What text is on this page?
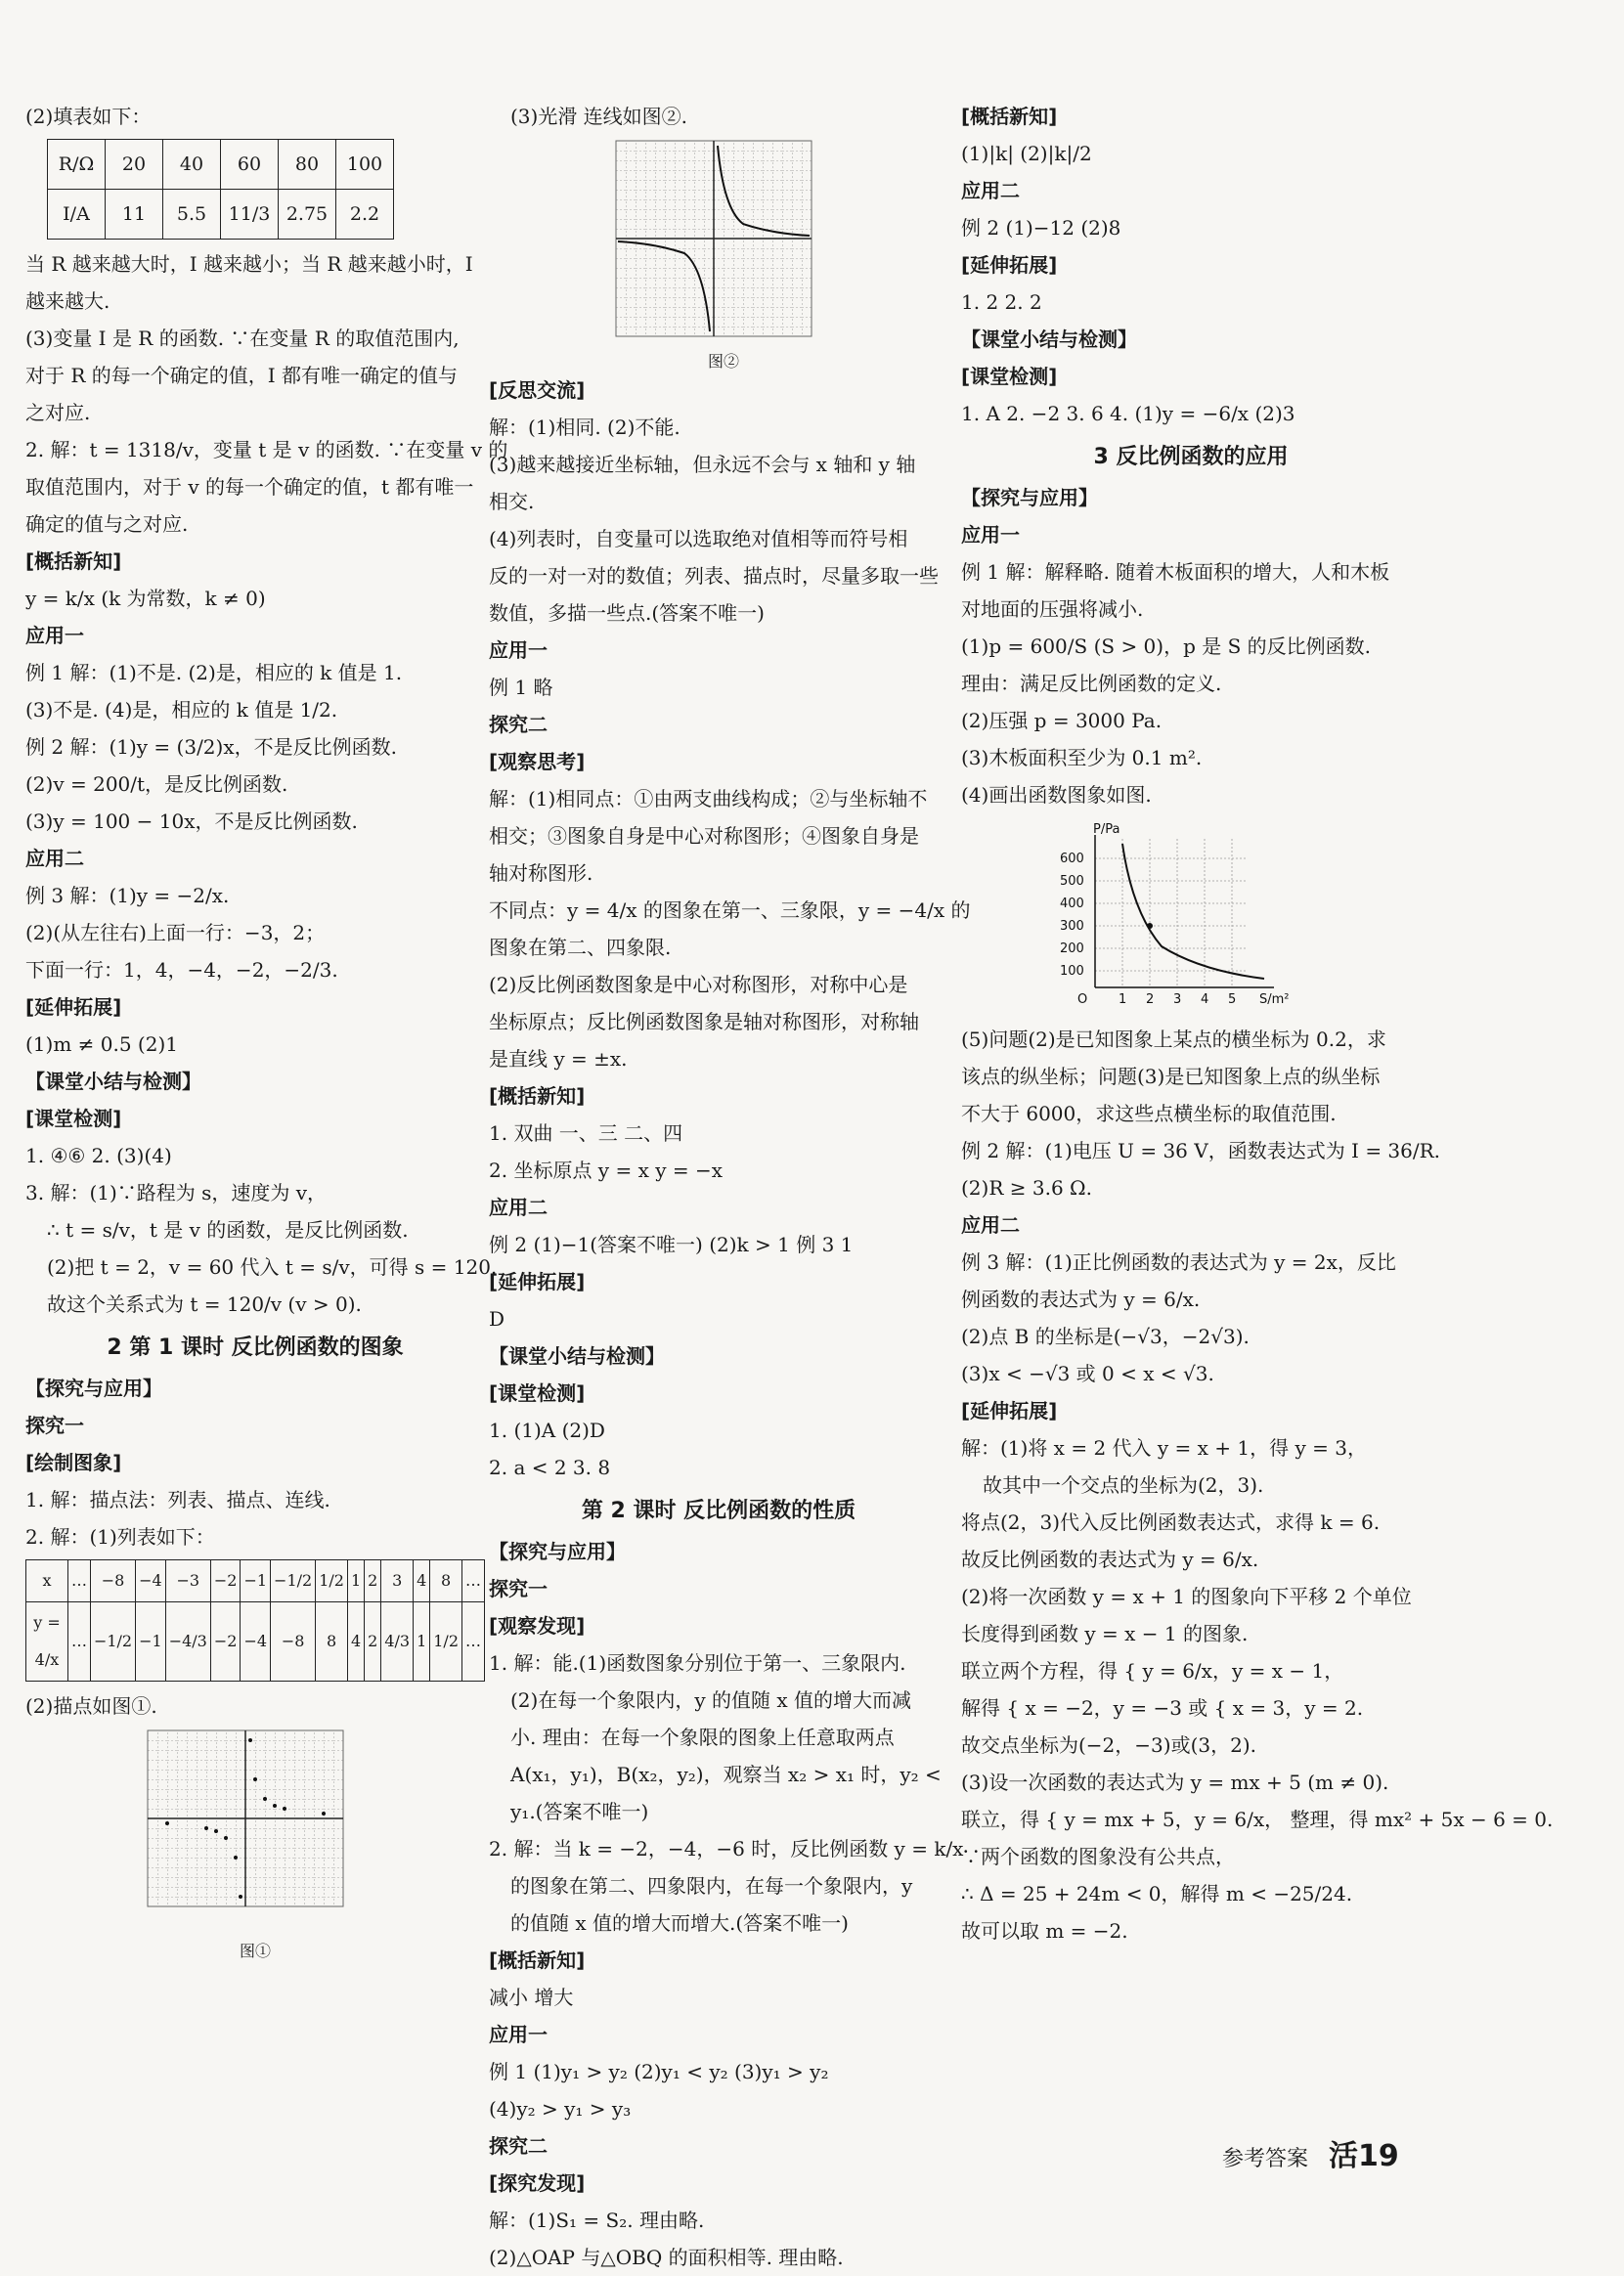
(2)填表如下：
R/Ω	20	40	60	80	100
I/A	11	5.5	11/3	2.75	2.2
当 R 越来越大时，I 越来越小；当 R 越来越小时，I
越来越大.
(3)变量 I 是 R 的函数. ∵在变量 R 的取值范围内,
对于 R 的每一个确定的值，I 都有唯一确定的值与
之对应.
2. 解：t = 1318/v，变量 t 是 v 的函数. ∵在变量 v 的
取值范围内，对于 v 的每一个确定的值，t 都有唯一
确定的值与之对应.
[概括新知]
y = k/x (k 为常数，k ≠ 0)
应用一
例 1 解：(1)不是. (2)是，相应的 k 值是 1.
(3)不是. (4)是，相应的 k 值是 1/2.
例 2 解：(1)y = (3/2)x，不是反比例函数.
(2)v = 200/t，是反比例函数.
(3)y = 100 − 10x，不是反比例函数.
应用二
例 3 解：(1)y = −2/x.
(2)(从左往右)上面一行：−3，2；
下面一行：1，4，−4，−2，−2/3.
[延伸拓展]
(1)m ≠ 0.5 (2)1
【课堂小结与检测】
[课堂检测]
1. ④⑥ 2. (3)(4)
3. 解：(1)∵路程为 s，速度为 v，
∴ t = s/v，t 是 v 的函数，是反比例函数.
(2)把 t = 2，v = 60 代入 t = s/v，可得 s = 120.
故这个关系式为 t = 120/v (v > 0).
2 第 1 课时 反比例函数的图象
【探究与应用】
探究一
[绘制图象]
1. 解：描点法：列表、描点、连线.
2. 解：(1)列表如下：
x	…	−8	−4	−3	−2	−1	−1/2	1/2	1	2	3	4	8	…
y = 4/x	…	−1/2	−1	−4/3	−2	−4	−8	8	4	2	4/3	1	1/2	…
(2)描点如图①.
图①
(3)光滑 连线如图②.
图②
[反思交流]
解：(1)相同. (2)不能.
(3)越来越接近坐标轴，但永远不会与 x 轴和 y 轴
相交.
(4)列表时，自变量可以选取绝对值相等而符号相
反的一对一对的数值；列表、描点时，尽量多取一些
数值，多描一些点.(答案不唯一)
应用一
例 1 略
探究二
[观察思考]
解：(1)相同点：①由两支曲线构成；②与坐标轴不
相交；③图象自身是中心对称图形；④图象自身是
轴对称图形.
不同点：y = 4/x 的图象在第一、三象限，y = −4/x 的
图象在第二、四象限.
(2)反比例函数图象是中心对称图形，对称中心是
坐标原点；反比例函数图象是轴对称图形，对称轴
是直线 y = ±x.
[概括新知]
1. 双曲 一、三 二、四
2. 坐标原点 y = x y = −x
应用二
例 2 (1)−1(答案不唯一) (2)k > 1 例 3 1
[延伸拓展]
D
【课堂小结与检测】
[课堂检测]
1. (1)A (2)D
2. a < 2 3. 8
第 2 课时 反比例函数的性质
【探究与应用】
探究一
[观察发现]
1. 解：能.(1)函数图象分别位于第一、三象限内.
(2)在每一个象限内，y 的值随 x 值的增大而减
小. 理由：在每一个象限的图象上任意取两点
A(x₁，y₁)，B(x₂，y₂)，观察当 x₂ > x₁ 时，y₂ <
y₁.(答案不唯一)
2. 解：当 k = −2，−4，−6 时，反比例函数 y = k/x
的图象在第二、四象限内，在每一个象限内，y
的值随 x 值的增大而增大.(答案不唯一)
[概括新知]
减小 增大
应用一
例 1 (1)y₁ > y₂ (2)y₁ < y₂ (3)y₁ > y₂
(4)y₂ > y₁ > y₃
探究二
[探究发现]
解：(1)S₁ = S₂. 理由略.
(2)△OAP 与△OBQ 的面积相等. 理由略.
[概括新知]
(1)|k| (2)|k|/2
应用二
例 2 (1)−12 (2)8
[延伸拓展]
1. 2 2. 2
【课堂小结与检测】
[课堂检测]
1. A 2. −2 3. 6 4. (1)y = −6/x (2)3
3 反比例函数的应用
【探究与应用】
应用一
例 1 解：解释略. 随着木板面积的增大，人和木板
对地面的压强将减小.
(1)p = 600/S (S > 0)，p 是 S 的反比例函数.
理由：满足反比例函数的定义.
(2)压强 p = 3000 Pa.
(3)木板面积至少为 0.1 m².
(4)画出函数图象如图.
P/Pa
S/m²
O
100
200
300
400
500
600
1 2 3 4 5
(5)问题(2)是已知图象上某点的横坐标为 0.2，求
该点的纵坐标；问题(3)是已知图象上点的纵坐标
不大于 6000，求这些点横坐标的取值范围.
例 2 解：(1)电压 U = 36 V，函数表达式为 I = 36/R.
(2)R ≥ 3.6 Ω.
应用二
例 3 解：(1)正比例函数的表达式为 y = 2x，反比
例函数的表达式为 y = 6/x.
(2)点 B 的坐标是(−√3，−2√3).
(3)x < −√3 或 0 < x < √3.
[延伸拓展]
解：(1)将 x = 2 代入 y = x + 1，得 y = 3，
故其中一个交点的坐标为(2，3).
将点(2，3)代入反比例函数表达式，求得 k = 6.
故反比例函数的表达式为 y = 6/x.
(2)将一次函数 y = x + 1 的图象向下平移 2 个单位
长度得到函数 y = x − 1 的图象.
联立两个方程，得 { y = 6/x，y = x − 1，
解得 { x = −2，y = −3 或 { x = 3，y = 2.
故交点坐标为(−2，−3)或(3，2).
(3)设一次函数的表达式为 y = mx + 5 (m ≠ 0).
联立，得 { y = mx + 5，y = 6/x， 整理，得 mx² + 5x − 6 = 0.
∵两个函数的图象没有公共点，
∴ Δ = 25 + 24m < 0，解得 m < −25/24.
故可以取 m = −2.
参考答案 活19
